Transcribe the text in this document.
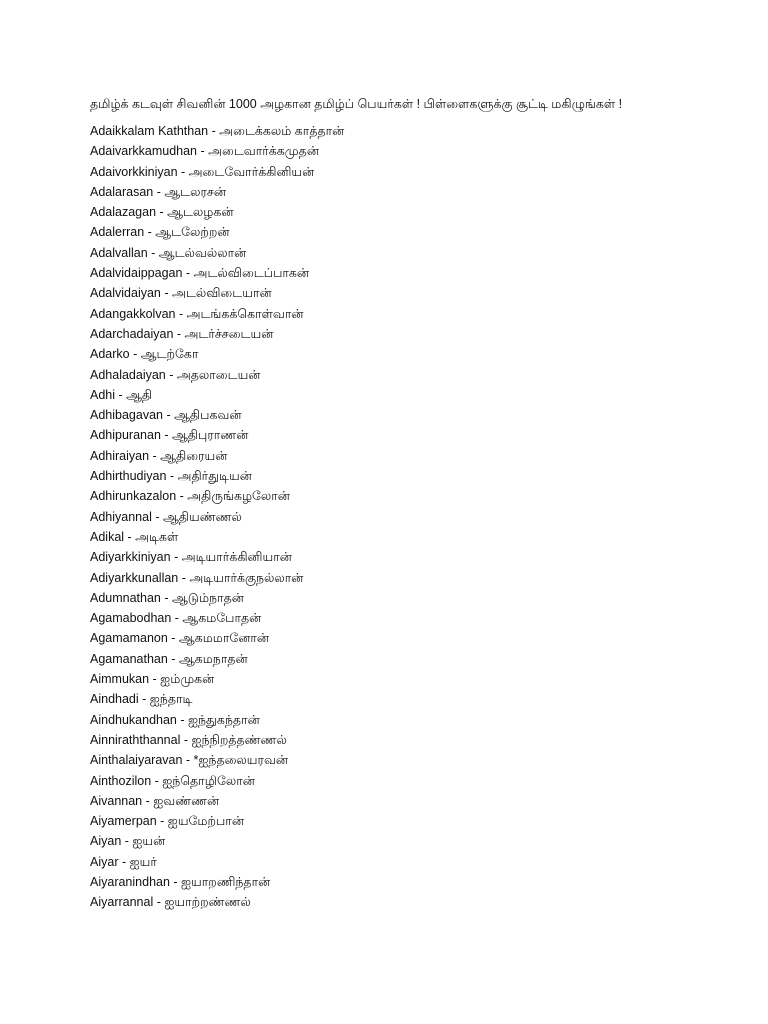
தமிழ்க் கடவுள் சிவனின் 1000 அழகான தமிழ்ப் பெயர்கள் ! பிள்ளைகளுக்கு சூட்டி மகிழுங்கள் !
Adaikkalam Kaththan - அடைக்கலம் காத்தான்
Adaivarkkamudhan - அடைவார்க்கமுதன்
Adaivorkkiniyan - அடைவோர்க்கினியன்
Adalarasan - ஆடலரசன்
Adalazagan - ஆடலழகன்
Adalerran - ஆடலேற்றன்
Adalvallan - ஆடல்வல்லான்
Adalvidaippagan - அடல்விடைப்பாகன்
Adalvidaiyan - அடல்விடையான்
Adangakkolvan - அடங்கக்கொள்வான்
Adarchadaiyan - அடர்ச்சடையன்
Adarko - ஆடற்கோ
Adhaladaiyan - அதலாடையன்
Adhi - ஆதி
Adhibagavan - ஆதிபகவன்
Adhipuranan - ஆதிபுராணன்
Adhiraiyan - ஆதிரையன்
Adhirthudiyan - அதிர்துடியன்
Adhirunkazalon - அதிருங்கழலோன்
Adhiyannal - ஆதியண்ணல்
Adikal - அடிகள்
Adiyarkkiniyan - அடியார்க்கினியான்
Adiyarkkunallan - அடியார்க்குநல்லான்
Adumnathan - ஆடும்நாதன்
Agamabodhan - ஆகமபோதன்
Agamamanon - ஆகமமானோன்
Agamanathan - ஆகமநாதன்
Aimmukan - ஐம்முகன்
Aindhadi - ஐந்தாடி
Aindhukandhan - ஐந்துகந்தான்
Ainniraththannal - ஐந்நிறத்தண்ணல்
Ainthalaiyaravan - *ஐந்தலையரவன்
Ainthozilon - ஐந்தொழிலோன்
Aivannan - ஐவண்ணன்
Aiyamerpan - ஐயமேற்பான்
Aiyan - ஐயன்
Aiyar - ஐயர்
Aiyaranindhan - ஐயாறணிந்தான்
Aiyarrannal - ஐயாற்றண்ணல்
